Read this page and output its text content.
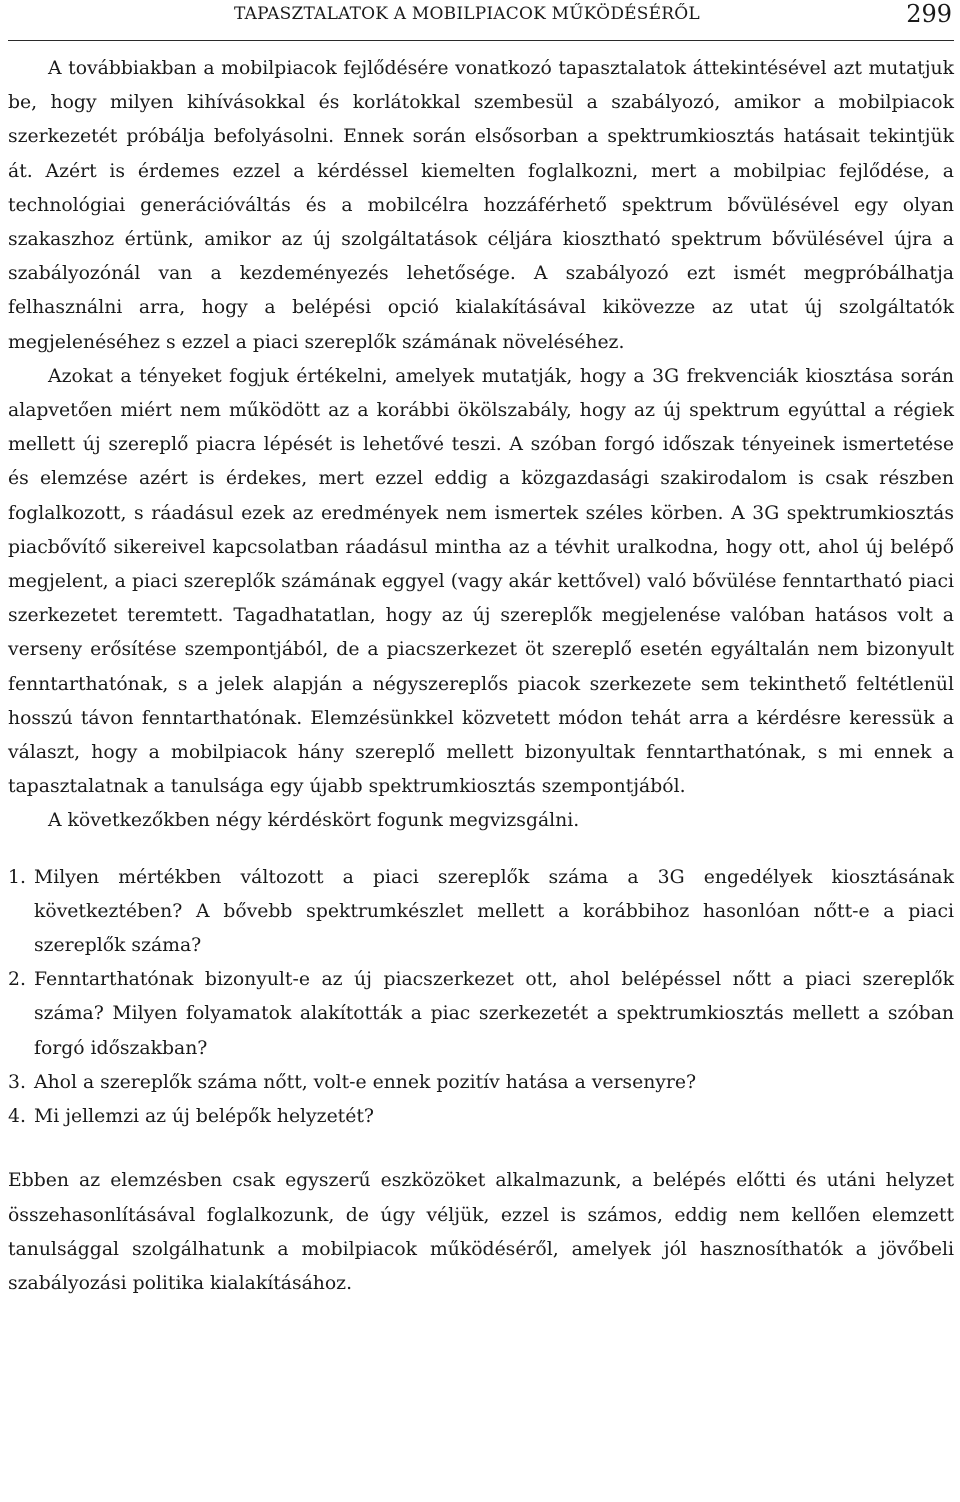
TAPASZTALATOK A MOBILPIACOK MŰKÖDÉSÉRŐL	299

A továbbiakban a mobilpiacok fejlődésére vonatkozó tapasztalatok áttekintésével azt mutatjuk be, hogy milyen kihívásokkal és korlátokkal szembesül a szabályozó, amikor a mobilpiacok szerkezetét próbálja befolyásolni. Ennek során elsősorban a spektrumkiosztás hatásait tekintjük át. Azért is érdemes ezzel a kérdéssel kiemelten foglalkozni, mert a mobilpiac fejlődése, a technológiai generációváltás és a mobilcélra hozzáférhető spektrum bővülésével egy olyan szakaszhoz értünk, amikor az új szolgáltatások céljára kiosztható spektrum bővülésével újra a szabályozónál van a kezdeményezés lehetősége. A szabályozó ezt ismét megpróbálhatja felhasználni arra, hogy a belépési opció kialakításával kikövezze az utat új szolgáltatók megjelenéséhez s ezzel a piaci szereplők számának növeléséhez.

Azokat a tényeket fogjuk értékelni, amelyek mutatják, hogy a 3G frekvenciák kiosztása során alapvetően miért nem működött az a korábbi ökölszabály, hogy az új spektrum egyúttal a régiek mellett új szereplő piacra lépését is lehetővé teszi. A szóban forgó időszak tényeinek ismertetése és elemzése azért is érdekes, mert ezzel eddig a közgazdasági szakirodalom is csak részben foglalkozott, s ráadásul ezek az eredmények nem ismertek széles körben. A 3G spektrumkiosztás piacbővítő sikereivel kapcsolatban ráadásul mintha az a tévhit uralkodna, hogy ott, ahol új belépő megjelent, a piaci szereplők számának eggyel (vagy akár kettővel) való bővülése fenntartható piaci szerkezetet teremtett. Tagadhatatlan, hogy az új szereplők megjelenése valóban hatásos volt a verseny erősítése szempontjából, de a piacszerkezet öt szereplő esetén egyáltalán nem bizonyult fenntarthatónak, s a jelek alapján a négyszereplős piacok szerkezete sem tekinthető feltétlenül hosszú távon fenntarthatónak. Elemzésünkkel közvetett módon tehát arra a kérdésre keressük a választ, hogy a mobilpiacok hány szereplő mellett bizonyultak fenntarthatónak, s mi ennek a tapasztalatnak a tanulsága egy újabb spektrumkiosztás szempontjából.

A következőkben négy kérdéskört fogunk megvizsgálni.

1. Milyen mértékben változott a piaci szereplők száma a 3G engedélyek kiosztásának következtében? A bővebb spektrumkészlet mellett a korábbihoz hasonlóan nőtt-e a piaci szereplők száma?
2. Fenntarthatónak bizonyult-e az új piacszerkezet ott, ahol belépéssel nőtt a piaci szereplők száma? Milyen folyamatok alakították a piac szerkezetét a spektrumkiosztás mellett a szóban forgó időszakban?
3. Ahol a szereplők száma nőtt, volt-e ennek pozitív hatása a versenyre?
4. Mi jellemzi az új belépők helyzetét?

Ebben az elemzésben csak egyszerű eszközöket alkalmazunk, a belépés előtti és utáni helyzet összehasonlításával foglalkozunk, de úgy véljük, ezzel is számos, eddig nem kellően elemzett tanulsággal szolgálhatunk a mobilpiacok működéséről, amelyek jól hasznosíthatók a jövőbeli szabályozási politika kialakításához.
